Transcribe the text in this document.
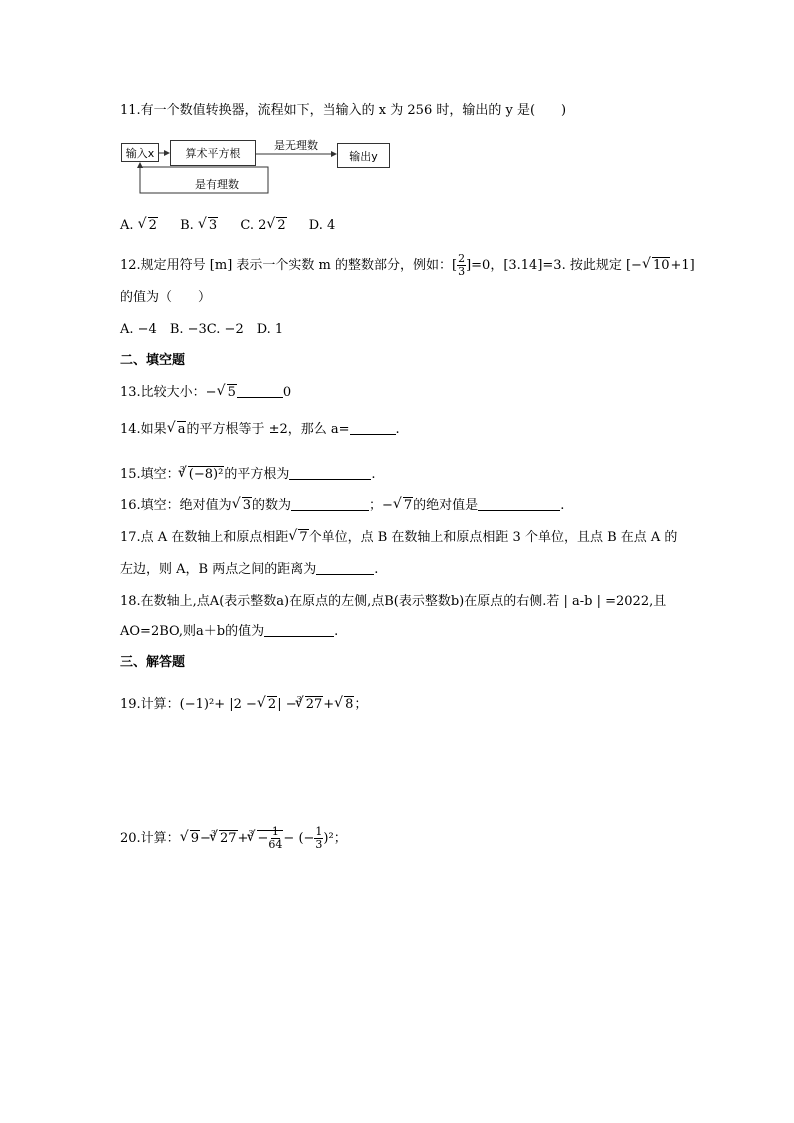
11.有一个数值转换器，流程如下，当输入的 x 为 256 时，输出的 y 是(　　)
输入x	算术平方根	输出y
是无理数
是有理数
A. √ 2 B. √ 3 C. 2√ 2 D. 4
12.规定用符号 [m] 表示一个实数 m 的整数部分，例如：[ $\frac{2}{3} ]=0$，[3.14]=3. 按此规定 [−√ 10+1]
的值为（　　）
A. −4　B. −3C. −2　D. 1
二、填空题
13.比较大小：−√ 5	0
14.如果√ a的平方根等于 ±2，那么 a=	.
15.填空：$^3$√ (−8)²的平方根为	.
16.填空：绝对值为√ 3的数为	；−√ 7的绝对值是	.
17.点 A 在数轴上和原点相距√ 7个单位，点 B 在数轴上和原点相距 3 个单位，且点 B 在点 A 的
左边，则 A，B 两点之间的距离为	.
18.在数轴上,点A(表示整数a)在原点的左侧,点B(表示整数b)在原点的右侧.若 | a-b | =2022,且
AO=2BO,则a＋b的值为	.
三、解答题
19.计算：(−1)²+ |2 −√ 2| −$^3$√ 27+√ 8；
20.计算：√ 9−$^3$√ $27+^3√ - \frac{1}{64}$ − (− $\frac{1}{3} )^2$；
